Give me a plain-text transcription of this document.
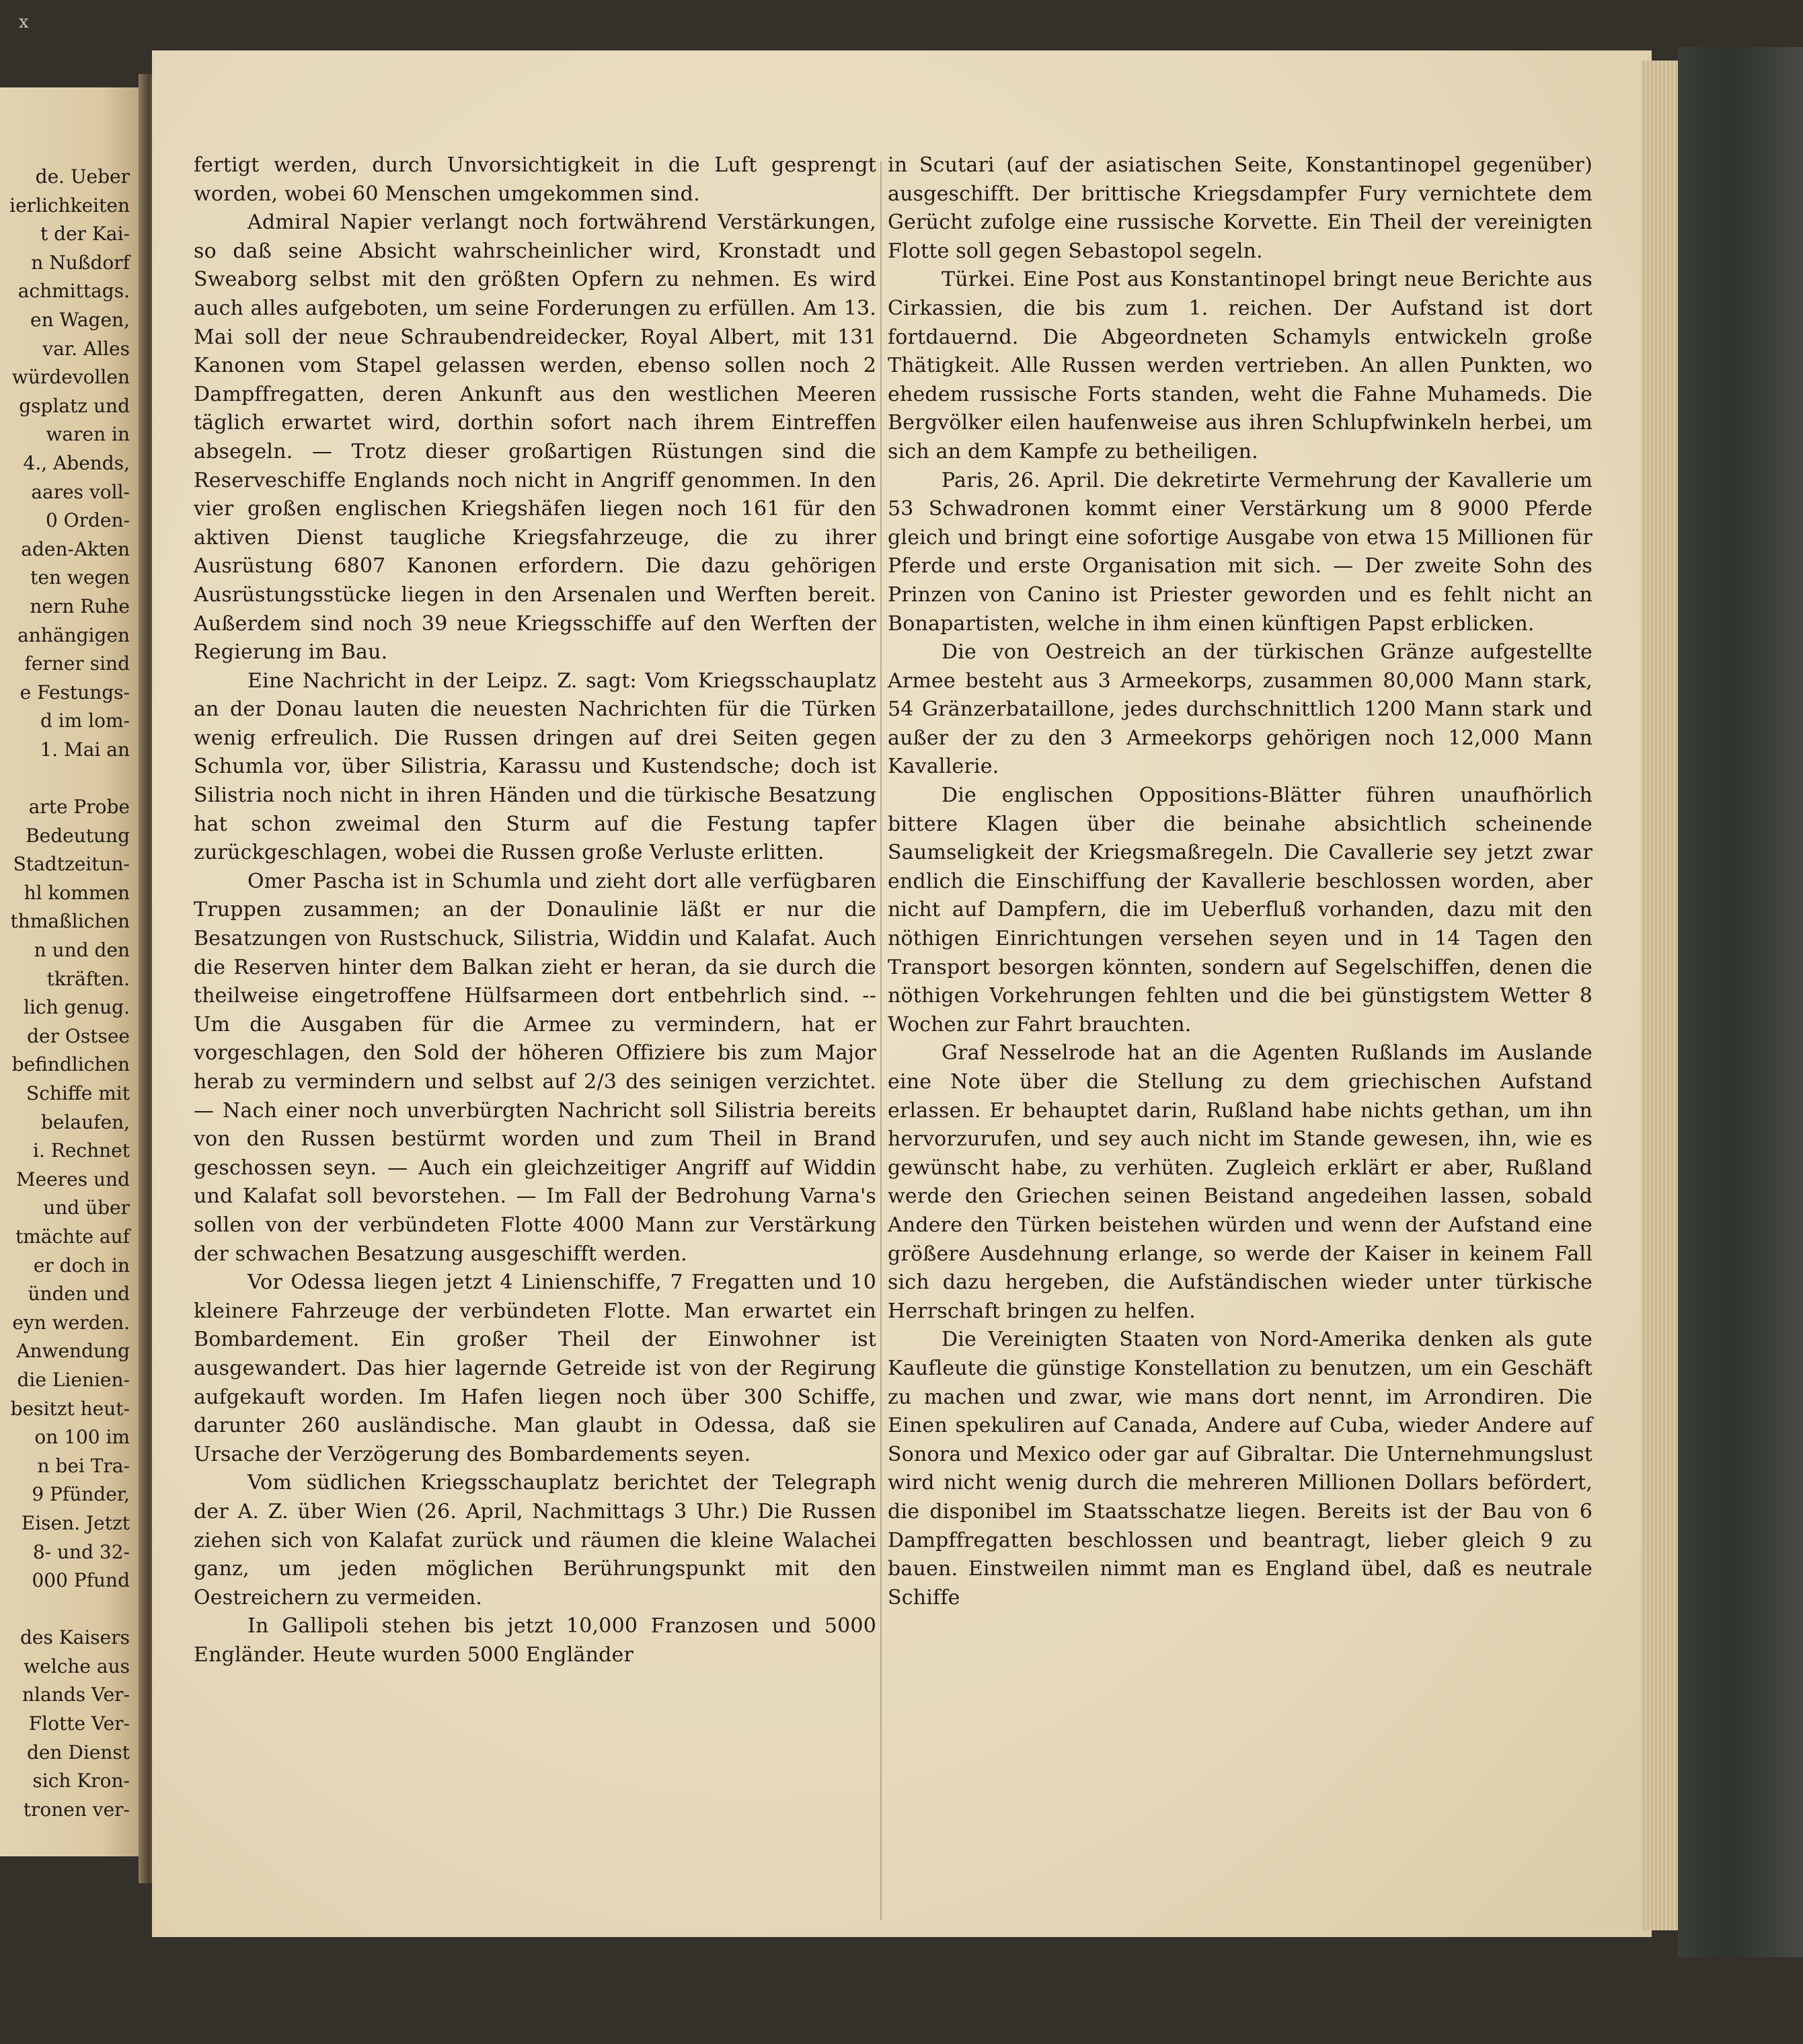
x
de. Ueber
ierlichkeiten
t der Kai-
n Nußdorf
achmittags.
en Wagen,
var. Alles
würdevollen
gsplatz und
waren in
4., Abends,
aares voll-
0 Orden-
aden-Akten
ten wegen
nern Ruhe
anhängigen
ferner sind
e Festungs-
d im lom-
1. Mai an
arte Probe
Bedeutung
Stadtzeitun-
hl kommen
thmaßlichen
n und den
tkräften.
lich genug.
der Ostsee
befindlichen
Schiffe mit
belaufen,
i. Rechnet
Meeres und
und über
tmächte auf
er doch in
ünden und
eyn werden.
Anwendung
die Lienien-
besitzt heut-
on 100 im
n bei Tra-
9 Pfünder,
Eisen. Jetzt
8- und 32-
000 Pfund
des Kaisers
welche aus
nlands Ver-
Flotte Ver-
den Dienst
sich Kron-
tronen ver-

fertigt werden, durch Unvorsichtigkeit in die Luft gesprengt worden, wobei 60 Menschen umgekommen sind.

Admiral Napier verlangt noch fortwährend Verstärkungen, so daß seine Absicht wahrscheinlicher wird, Kronstadt und Sweaborg selbst mit den größten Opfern zu nehmen. Es wird auch alles aufgeboten, um seine Forderungen zu erfüllen. Am 13. Mai soll der neue Schraubendreidecker, Royal Albert, mit 131 Kanonen vom Stapel gelassen werden, ebenso sollen noch 2 Dampffregatten, deren Ankunft aus den westlichen Meeren täglich erwartet wird, dorthin sofort nach ihrem Eintreffen absegeln. — Trotz dieser großartigen Rüstungen sind die Reserveschiffe Englands noch nicht in Angriff genommen. In den vier großen englischen Kriegshäfen liegen noch 161 für den aktiven Dienst taugliche Kriegsfahrzeuge, die zu ihrer Ausrüstung 6807 Kanonen erfordern. Die dazu gehörigen Ausrüstungsstücke liegen in den Arsenalen und Werften bereit. Außerdem sind noch 39 neue Kriegsschiffe auf den Werften der Regierung im Bau.

Eine Nachricht in der Leipz. Z. sagt: Vom Kriegsschauplatz an der Donau lauten die neuesten Nachrichten für die Türken wenig erfreulich. Die Russen dringen auf drei Seiten gegen Schumla vor, über Silistria, Karassu und Kustendsche; doch ist Silistria noch nicht in ihren Händen und die türkische Besatzung hat schon zweimal den Sturm auf die Festung tapfer zurückgeschlagen, wobei die Russen große Verluste erlitten.

Omer Pascha ist in Schumla und zieht dort alle verfügbaren Truppen zusammen; an der Donaulinie läßt er nur die Besatzungen von Rustschuck, Silistria, Widdin und Kalafat. Auch die Reserven hinter dem Balkan zieht er heran, da sie durch die theilweise eingetroffene Hülfsarmeen dort entbehrlich sind. -- Um die Ausgaben für die Armee zu vermindern, hat er vorgeschlagen, den Sold der höheren Offiziere bis zum Major herab zu vermindern und selbst auf 2/3 des seinigen verzichtet. — Nach einer noch unverbürgten Nachricht soll Silistria bereits von den Russen bestürmt worden und zum Theil in Brand geschossen seyn. — Auch ein gleichzeitiger Angriff auf Widdin und Kalafat soll bevorstehen. — Im Fall der Bedrohung Varna's sollen von der verbündeten Flotte 4000 Mann zur Verstärkung der schwachen Besatzung ausgeschifft werden.

Vor Odessa liegen jetzt 4 Linienschiffe, 7 Fregatten und 10 kleinere Fahrzeuge der verbündeten Flotte. Man erwartet ein Bombardement. Ein großer Theil der Einwohner ist ausgewandert. Das hier lagernde Getreide ist von der Regirung aufgekauft worden. Im Hafen liegen noch über 300 Schiffe, darunter 260 ausländische. Man glaubt in Odessa, daß sie Ursache der Verzögerung des Bombardements seyen.

Vom südlichen Kriegsschauplatz berichtet der Telegraph der A. Z. über Wien (26. April, Nachmittags 3 Uhr.) Die Russen ziehen sich von Kalafat zurück und räumen die kleine Walachei ganz, um jeden möglichen Berührungspunkt mit den Oestreichern zu vermeiden.

In Gallipoli stehen bis jetzt 10,000 Franzosen und 5000 Engländer. Heute wurden 5000 Engländer

in Scutari (auf der asiatischen Seite, Konstantinopel gegenüber) ausgeschifft. Der brittische Kriegsdampfer Fury vernichtete dem Gerücht zufolge eine russische Korvette. Ein Theil der vereinigten Flotte soll gegen Sebastopol segeln.

Türkei. Eine Post aus Konstantinopel bringt neue Berichte aus Cirkassien, die bis zum 1. reichen. Der Aufstand ist dort fortdauernd. Die Abgeordneten Schamyls entwickeln große Thätigkeit. Alle Russen werden vertrieben. An allen Punkten, wo ehedem russische Forts standen, weht die Fahne Muhameds. Die Bergvölker eilen haufenweise aus ihren Schlupfwinkeln herbei, um sich an dem Kampfe zu betheiligen.

Paris, 26. April. Die dekretirte Vermehrung der Kavallerie um 53 Schwadronen kommt einer Verstärkung um 8 9000 Pferde gleich und bringt eine sofortige Ausgabe von etwa 15 Millionen für Pferde und erste Organisation mit sich. — Der zweite Sohn des Prinzen von Canino ist Priester geworden und es fehlt nicht an Bonapartisten, welche in ihm einen künftigen Papst erblicken.

Die von Oestreich an der türkischen Gränze aufgestellte Armee besteht aus 3 Armeekorps, zusammen 80,000 Mann stark, 54 Gränzerbataillone, jedes durchschnittlich 1200 Mann stark und außer der zu den 3 Armeekorps gehörigen noch 12,000 Mann Kavallerie.

Die englischen Oppositions-Blätter führen unaufhörlich bittere Klagen über die beinahe absichtlich scheinende Saumseligkeit der Kriegsmaßregeln. Die Cavallerie sey jetzt zwar endlich die Einschiffung der Kavallerie beschlossen worden, aber nicht auf Dampfern, die im Ueberfluß vorhanden, dazu mit den nöthigen Einrichtungen versehen seyen und in 14 Tagen den Transport besorgen könnten, sondern auf Segelschiffen, denen die nöthigen Vorkehrungen fehlten und die bei günstigstem Wetter 8 Wochen zur Fahrt brauchten.

Graf Nesselrode hat an die Agenten Rußlands im Auslande eine Note über die Stellung zu dem griechischen Aufstand erlassen. Er behauptet darin, Rußland habe nichts gethan, um ihn hervorzurufen, und sey auch nicht im Stande gewesen, ihn, wie es gewünscht habe, zu verhüten. Zugleich erklärt er aber, Rußland werde den Griechen seinen Beistand angedeihen lassen, sobald Andere den Türken beistehen würden und wenn der Aufstand eine größere Ausdehnung erlange, so werde der Kaiser in keinem Fall sich dazu hergeben, die Aufständischen wieder unter türkische Herrschaft bringen zu helfen.

Die Vereinigten Staaten von Nord-Amerika denken als gute Kaufleute die günstige Konstellation zu benutzen, um ein Geschäft zu machen und zwar, wie mans dort nennt, im Arrondiren. Die Einen spekuliren auf Canada, Andere auf Cuba, wieder Andere auf Sonora und Mexico oder gar auf Gibraltar. Die Unternehmungslust wird nicht wenig durch die mehreren Millionen Dollars befördert, die disponibel im Staatsschatze liegen. Bereits ist der Bau von 6 Dampffregatten beschlossen und beantragt, lieber gleich 9 zu bauen. Einstweilen nimmt man es England übel, daß es neutrale Schiffe
